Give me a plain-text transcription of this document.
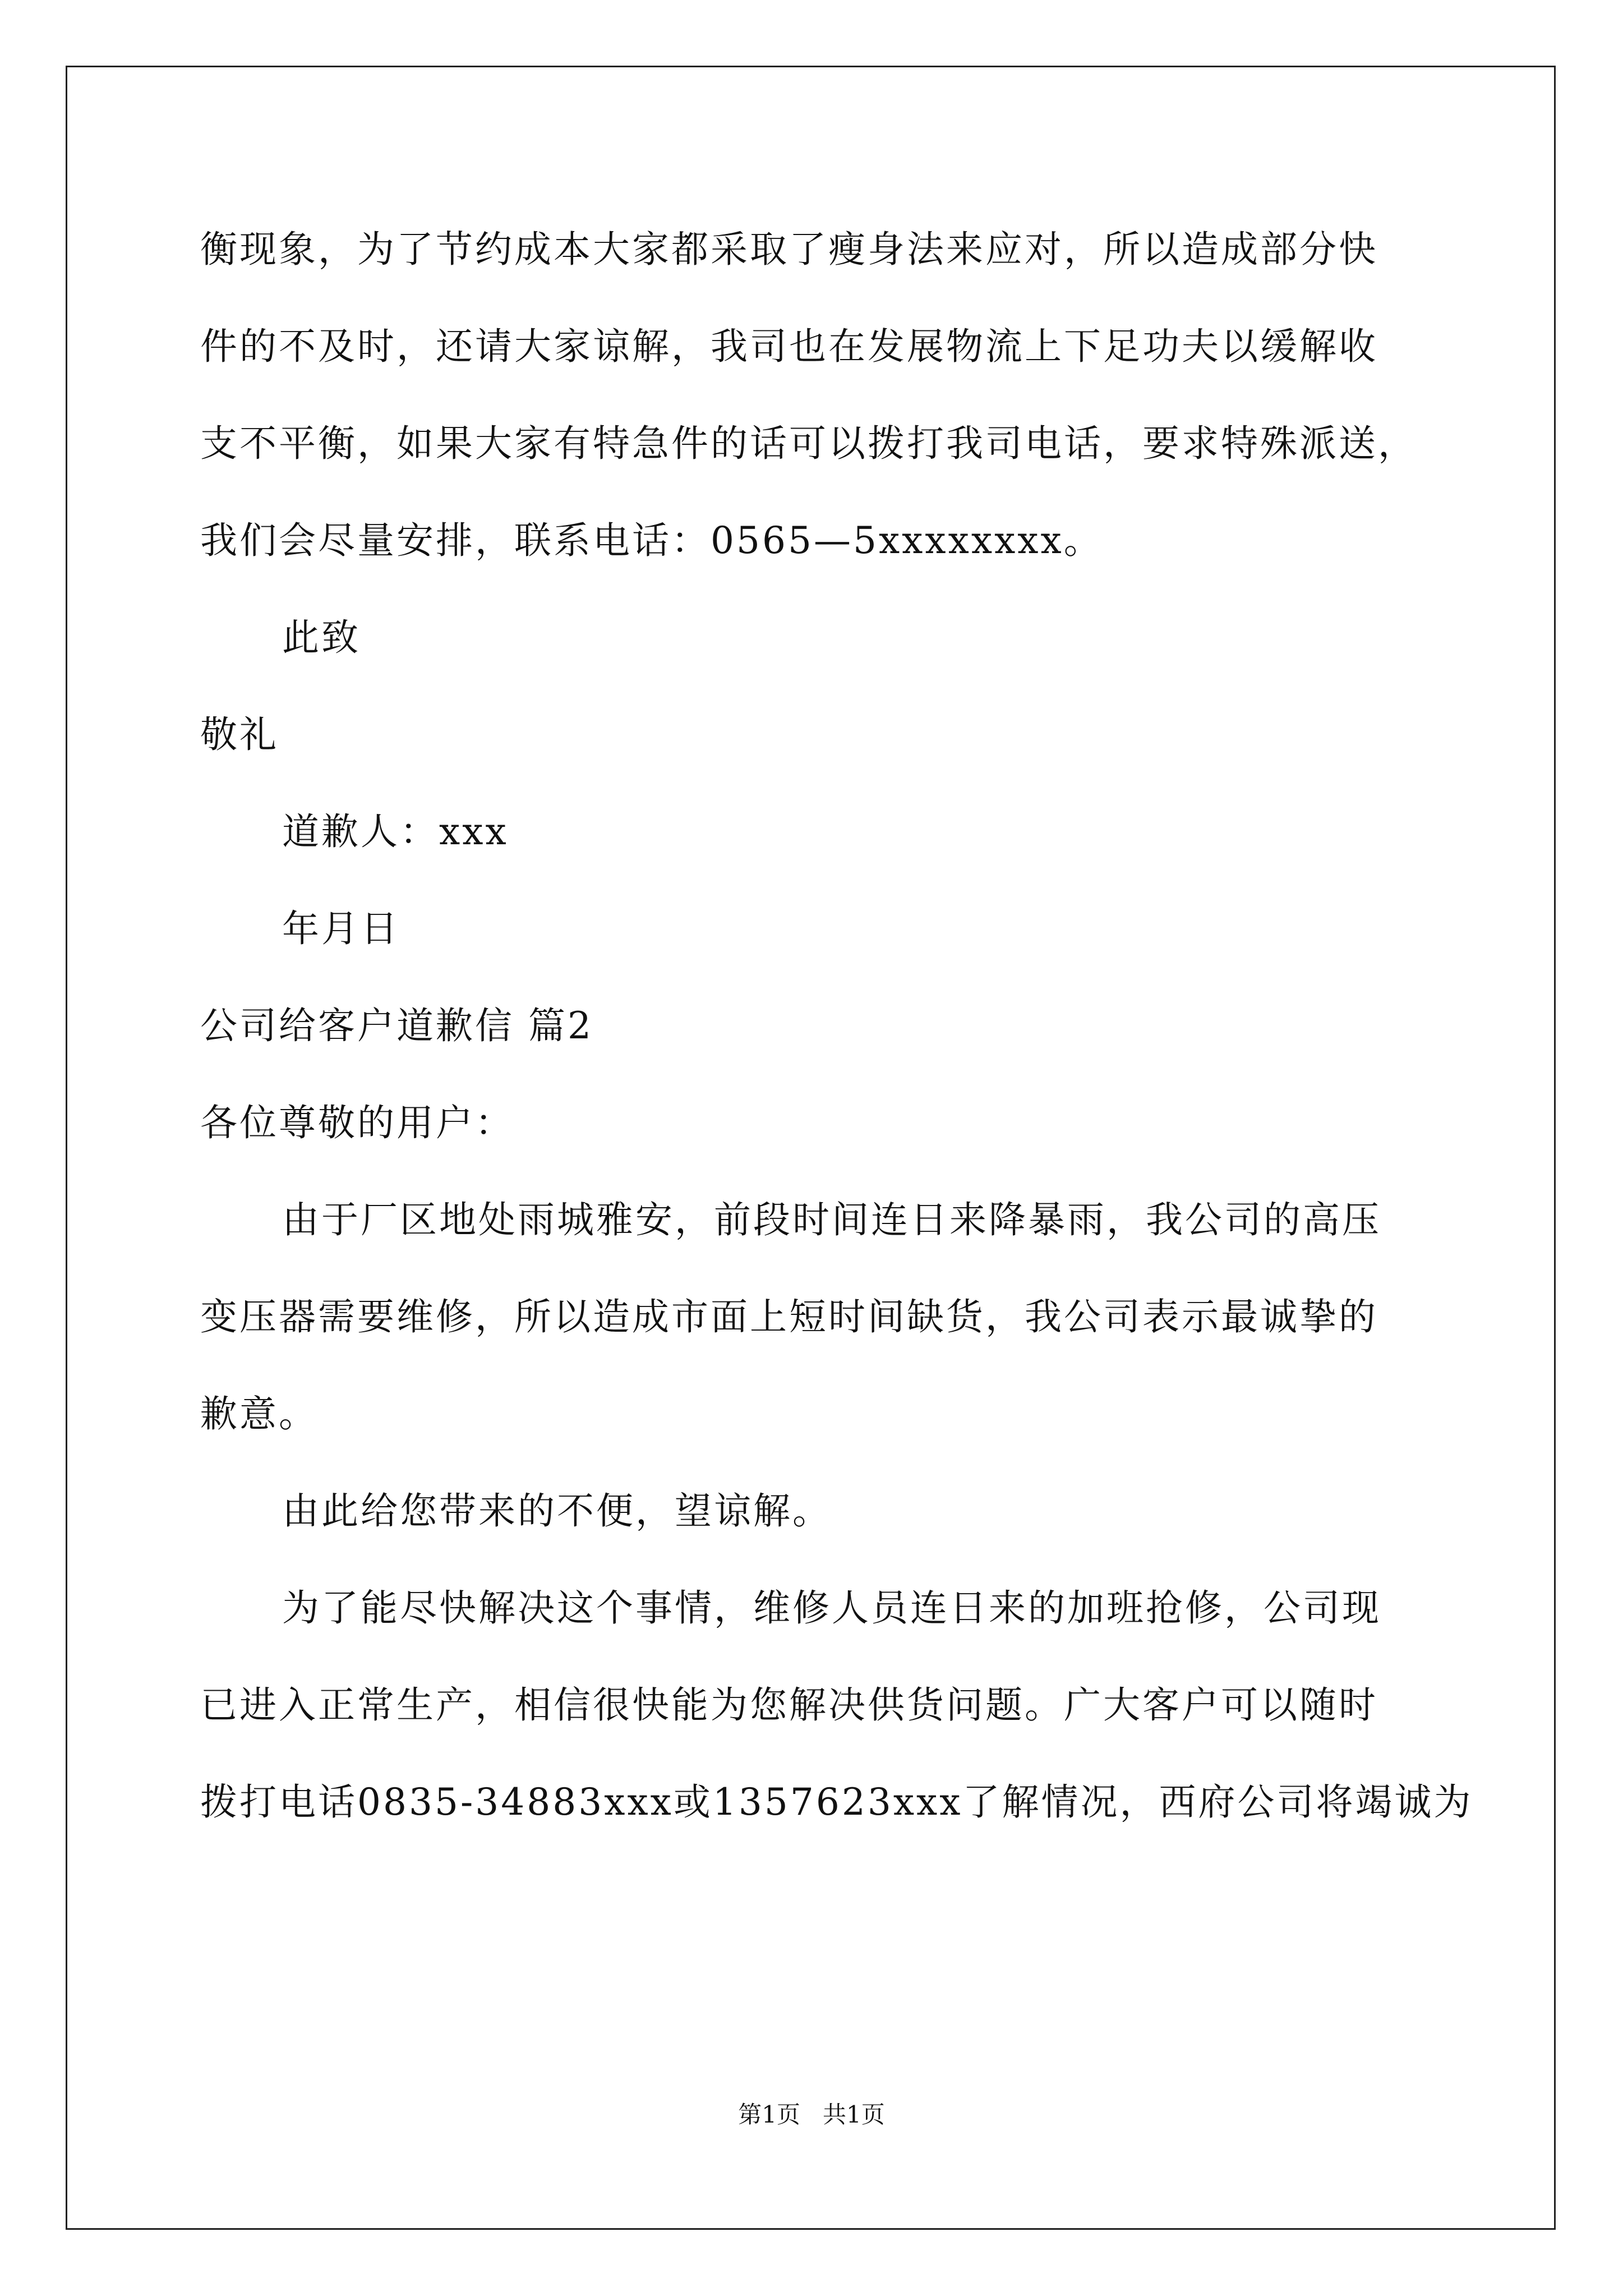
衡现象，为了节约成本大家都采取了瘦身法来应对，所以造成部分快
件的不及时，还请大家谅解，我司也在发展物流上下足功夫以缓解收
支不平衡，如果大家有特急件的话可以拨打我司电话，要求特殊派送，
我们会尽量安排，联系电话：0565—5xxxxxxxx。
此致
敬礼
道歉人：xxx
年月日
公司给客户道歉信 篇2
各位尊敬的用户：
由于厂区地处雨城雅安，前段时间连日来降暴雨，我公司的高压
变压器需要维修，所以造成市面上短时间缺货，我公司表示最诚挚的
歉意。
由此给您带来的不便，望谅解。
为了能尽快解决这个事情，维修人员连日来的加班抢修，公司现
已进入正常生产，相信很快能为您解决供货问题。广大客户可以随时
拨打电话0835-34883xxx或1357623xxx了解情况，西府公司将竭诚为
第1页   共1页
